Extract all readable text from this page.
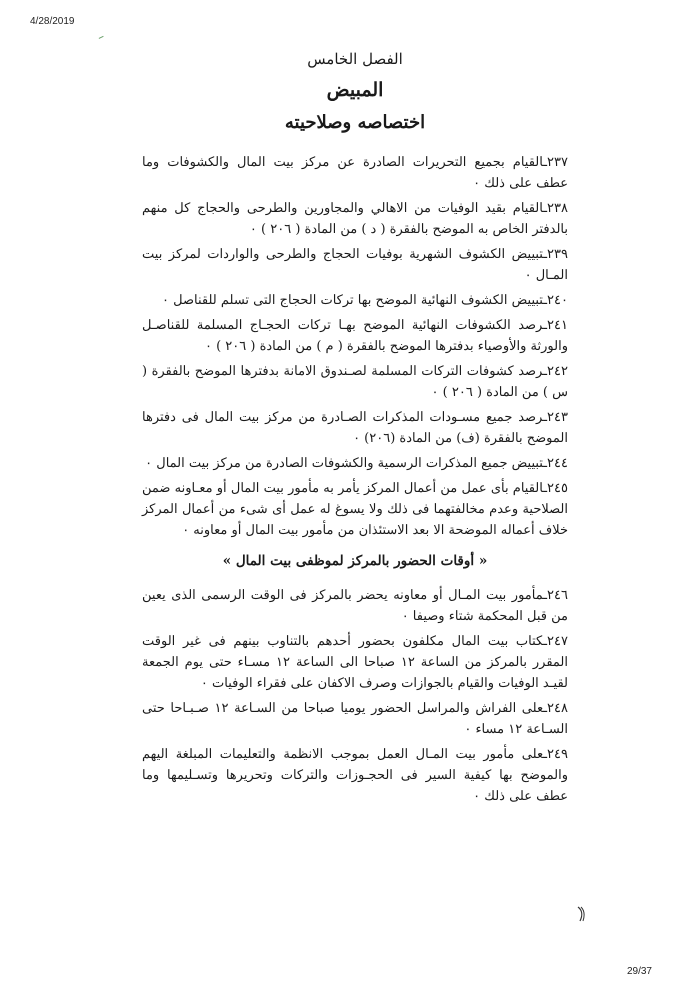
4/28/2019
الفصل الخامس
المبيض
اختصاصه وصلاحيته

٢٣٧ـالقيام بجميع التحريرات الصادرة عن مركز بيت المال والكشوفات وما عطف على ذلك ٠

٢٣٨ـالقيام بقيد الوفيات من الاهالي والمجاورين والطرحى والحجاج كل منهم بالدفتر الخاص به الموضح بالفقرة ( د ) من المادة ( ٢٠٦ ) ٠

٢٣٩ـتبييض الكشوف الشهرية بوفيات الحجاج والطرحى والواردات لمركز بيت المـال ٠

٢٤٠ـتبييض الكشوف النهائية الموضح بها تركات الحجاج التى تسلم للقناصل ٠

٢٤١ـرصد الكشوفات النهائية الموضح بهـا تركات الحجـاج المسلمة للقناصـل والورثة والأوصياء بدفترها الموضح بالفقرة ( م ) من المادة ( ٢٠٦ ) ٠

٢٤٢ـرصد كشوفات التركات المسلمة لصـندوق الامانة بدفترها الموضح بالفقرة ( س ) من المادة ( ٢٠٦ ) ٠

٢٤٣ـرصد جميع مسـودات المذكرات الصـادرة من مركز بيت المال فى دفترها الموضح بالفقرة (ف) من المادة (٢٠٦) ٠

٢٤٤ـتبييض جميع المذكرات الرسمية والكشوفات الصادرة من مركز بيت المال ٠

٢٤٥ـالقيام بأى عمل من أعمال المركز يأمر به مأمور بيت المال أو معـاونه ضمن الصلاحية وعدم مخالفتهما فى ذلك ولا يسوغ له عمل أى شىء من أعمال المركز خلاف أعماله الموضحة الا بعد الاستئذان من مأمور بيت المال أو معاونه ٠

« أوقات الحضور بالمركز لموظفى بيت المال »

٢٤٦ـمأمور بيت المـال أو معاونه يحضر بالمركز فى الوقت الرسمى الذى يعين من قبل المحكمة شتاء وصيفا ٠

٢٤٧ـكتاب بيت المال مكلفون بحضور أحدهم بالتناوب بينهم فى غير الوقت المقرر بالمركز من الساعة ١٢ صباحا الى الساعة ١٢ مسـاء حتى يوم الجمعة لقيـد الوفيات والقيام بالجوازات وصرف الاكفان على فقراء الوفيات ٠

٢٤٨ـعلى الفراش والمراسل الحضور يوميا صباحا من السـاعة ١٢ صـبـاحا حتى السـاعة ١٢ مساء ٠

٢٤٩ـعلى مأمور بيت المـال العمل بموجب الانظمة والتعليمات المبلغة اليهم والموضح بها كيفية السير فى الحجـوزات والتركات وتحريرها وتسـليمها وما عطف على ذلك ٠

29/37
